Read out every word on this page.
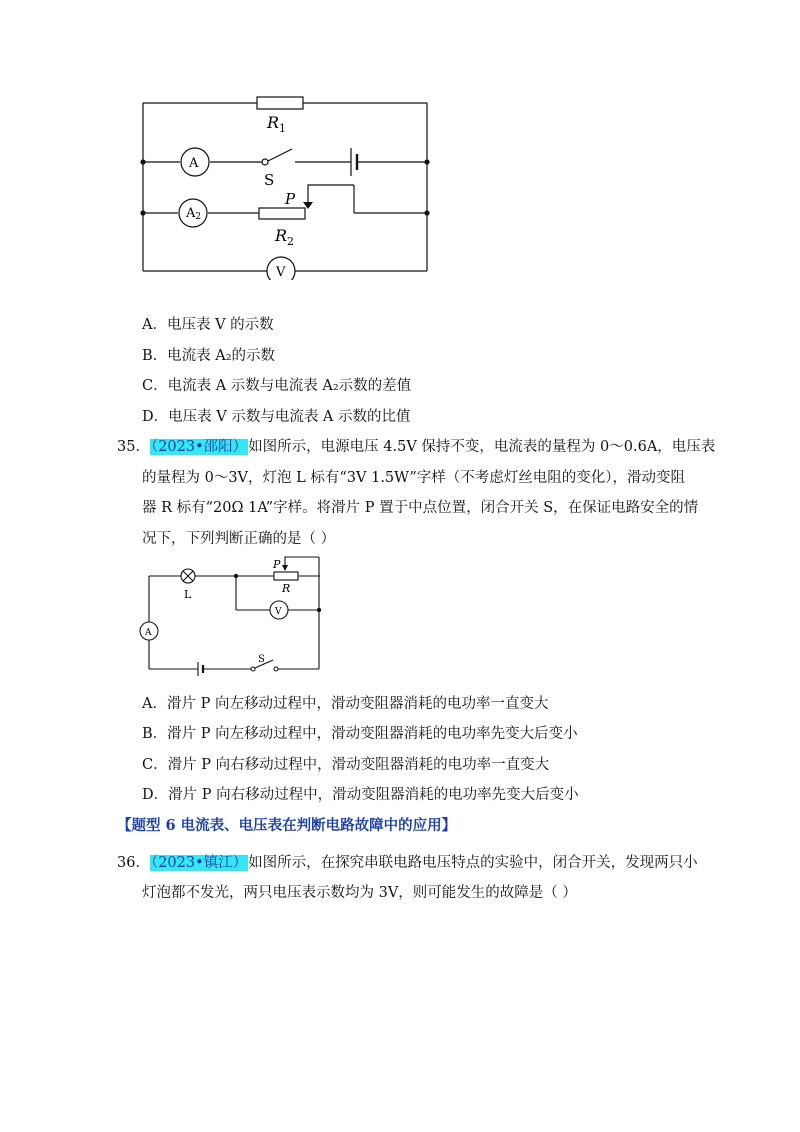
$R_1$
A
A2
V
S
P
$R_2$
A．电压表 V 的示数
B．电流表 A₂的示数
C．电流表 A 示数与电流表 A₂示数的差值
D．电压表 V 示数与电流表 A 示数的比值
35．（2023•邵阳）如图所示，电源电压 4.5V 保持不变，电流表的量程为 0～0.6A，电压表
的量程为 0～3V，灯泡 L 标有“3V 1.5W”字样（不考虑灯丝电阻的变化），滑动变阻
器 R 标有“20Ω 1A”字样。将滑片 P 置于中点位置，闭合开关 S，在保证电路安全的情
况下，下列判断正确的是（ ）
L
P
R
V
A
S
A．滑片 P 向左移动过程中，滑动变阻器消耗的电功率一直变大
B．滑片 P 向左移动过程中，滑动变阻器消耗的电功率先变大后变小
C．滑片 P 向右移动过程中，滑动变阻器消耗的电功率一直变大
D．滑片 P 向右移动过程中，滑动变阻器消耗的电功率先变大后变小
【题型 6 电流表、电压表在判断电路故障中的应用】
36．（2023•镇江）如图所示，在探究串联电路电压特点的实验中，闭合开关，发现两只小
灯泡都不发光，两只电压表示数均为 3V，则可能发生的故障是（ ）
